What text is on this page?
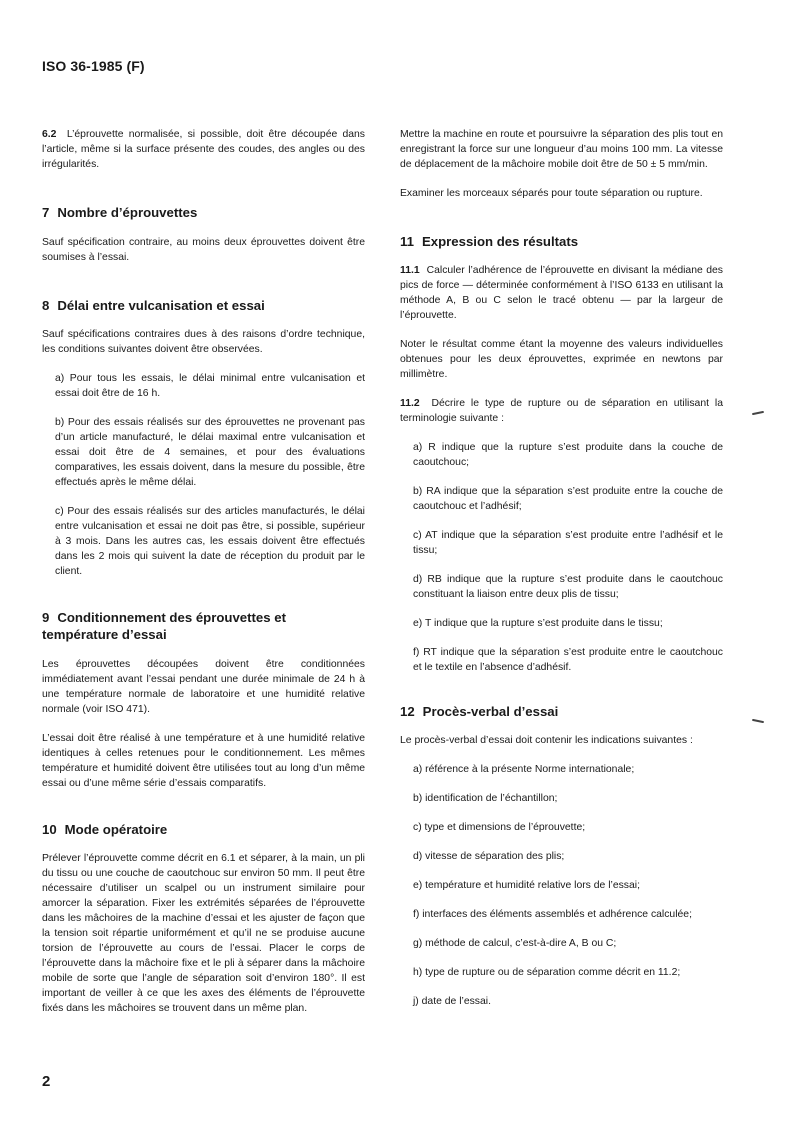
ISO 36-1985 (F)

6.2 L’éprouvette normalisée, si possible, doit être découpée dans l’article, même si la surface présente des coudes, des angles ou des irrégularités.

7 Nombre d’éprouvettes

Sauf spécification contraire, au moins deux éprouvettes doivent être soumises à l’essai.

8 Délai entre vulcanisation et essai

Sauf spécifications contraires dues à des raisons d’ordre technique, les conditions suivantes doivent être observées.

a) Pour tous les essais, le délai minimal entre vulcanisation et essai doit être de 16 h.

b) Pour des essais réalisés sur des éprouvettes ne provenant pas d’un article manufacturé, le délai maximal entre vulcanisation et essai doit être de 4 semaines, et pour des évaluations comparatives, les essais doivent, dans la mesure du possible, être effectués après le même délai.

c) Pour des essais réalisés sur des articles manufacturés, le délai entre vulcanisation et essai ne doit pas être, si possible, supérieur à 3 mois. Dans les autres cas, les essais doivent être effectués dans les 2 mois qui suivent la date de réception du produit par le client.

9 Conditionnement des éprouvettes et
température d’essai

Les éprouvettes découpées doivent être conditionnées immédiatement avant l’essai pendant une durée minimale de 24 h à une température normale de laboratoire et une humidité relative normale (voir ISO 471).

L’essai doit être réalisé à une température et à une humidité relative identiques à celles retenues pour le conditionnement. Les mêmes température et humidité doivent être utilisées tout au long d’un même essai ou d’une même série d’essais comparatifs.

10 Mode opératoire

Prélever l’éprouvette comme décrit en 6.1 et séparer, à la main, un pli du tissu ou une couche de caoutchouc sur environ 50 mm. Il peut être nécessaire d’utiliser un scalpel ou un instrument similaire pour amorcer la séparation. Fixer les extrémités séparées de l’éprouvette dans les mâchoires de la machine d’essai et les ajuster de façon que la tension soit répartie uniformément et qu’il ne se produise aucune torsion de l’éprouvette au cours de l’essai. Placer le corps de l’éprouvette dans la mâchoire fixe et le pli à séparer dans la mâchoire mobile de sorte que l’angle de séparation soit d’environ 180°. Il est important de veiller à ce que les axes des éléments de l’éprouvette fixés dans les mâchoires se trouvent dans un même plan.

Mettre la machine en route et poursuivre la séparation des plis tout en enregistrant la force sur une longueur d’au moins 100 mm. La vitesse de déplacement de la mâchoire mobile doit être de 50 ± 5 mm/min.

Examiner les morceaux séparés pour toute séparation ou rupture.

11 Expression des résultats

11.1 Calculer l’adhérence de l’éprouvette en divisant la médiane des pics de force — déterminée conformément à l’ISO 6133 en utilisant la méthode A, B ou C selon le tracé obtenu — par la largeur de l’éprouvette.

Noter le résultat comme étant la moyenne des valeurs individuelles obtenues pour les deux éprouvettes, exprimée en newtons par millimètre.

11.2 Décrire le type de rupture ou de séparation en utilisant la terminologie suivante :

a) R indique que la rupture s’est produite dans la couche de caoutchouc;

b) RA indique que la séparation s’est produite entre la couche de caoutchouc et l’adhésif;

c) AT indique que la séparation s’est produite entre l’adhésif et le tissu;

d) RB indique que la rupture s’est produite dans le caoutchouc constituant la liaison entre deux plis de tissu;

e) T indique que la rupture s’est produite dans le tissu;

f) RT indique que la séparation s’est produite entre le caoutchouc et le textile en l’absence d’adhésif.

12 Procès-verbal d’essai

Le procès-verbal d’essai doit contenir les indications suivantes :

a) référence à la présente Norme internationale;

b) identification de l’échantillon;

c) type et dimensions de l’éprouvette;

d) vitesse de séparation des plis;

e) température et humidité relative lors de l’essai;

f) interfaces des éléments assemblés et adhérence calculée;

g) méthode de calcul, c’est-à-dire A, B ou C;

h) type de rupture ou de séparation comme décrit en 11.2;

j) date de l’essai.

2
